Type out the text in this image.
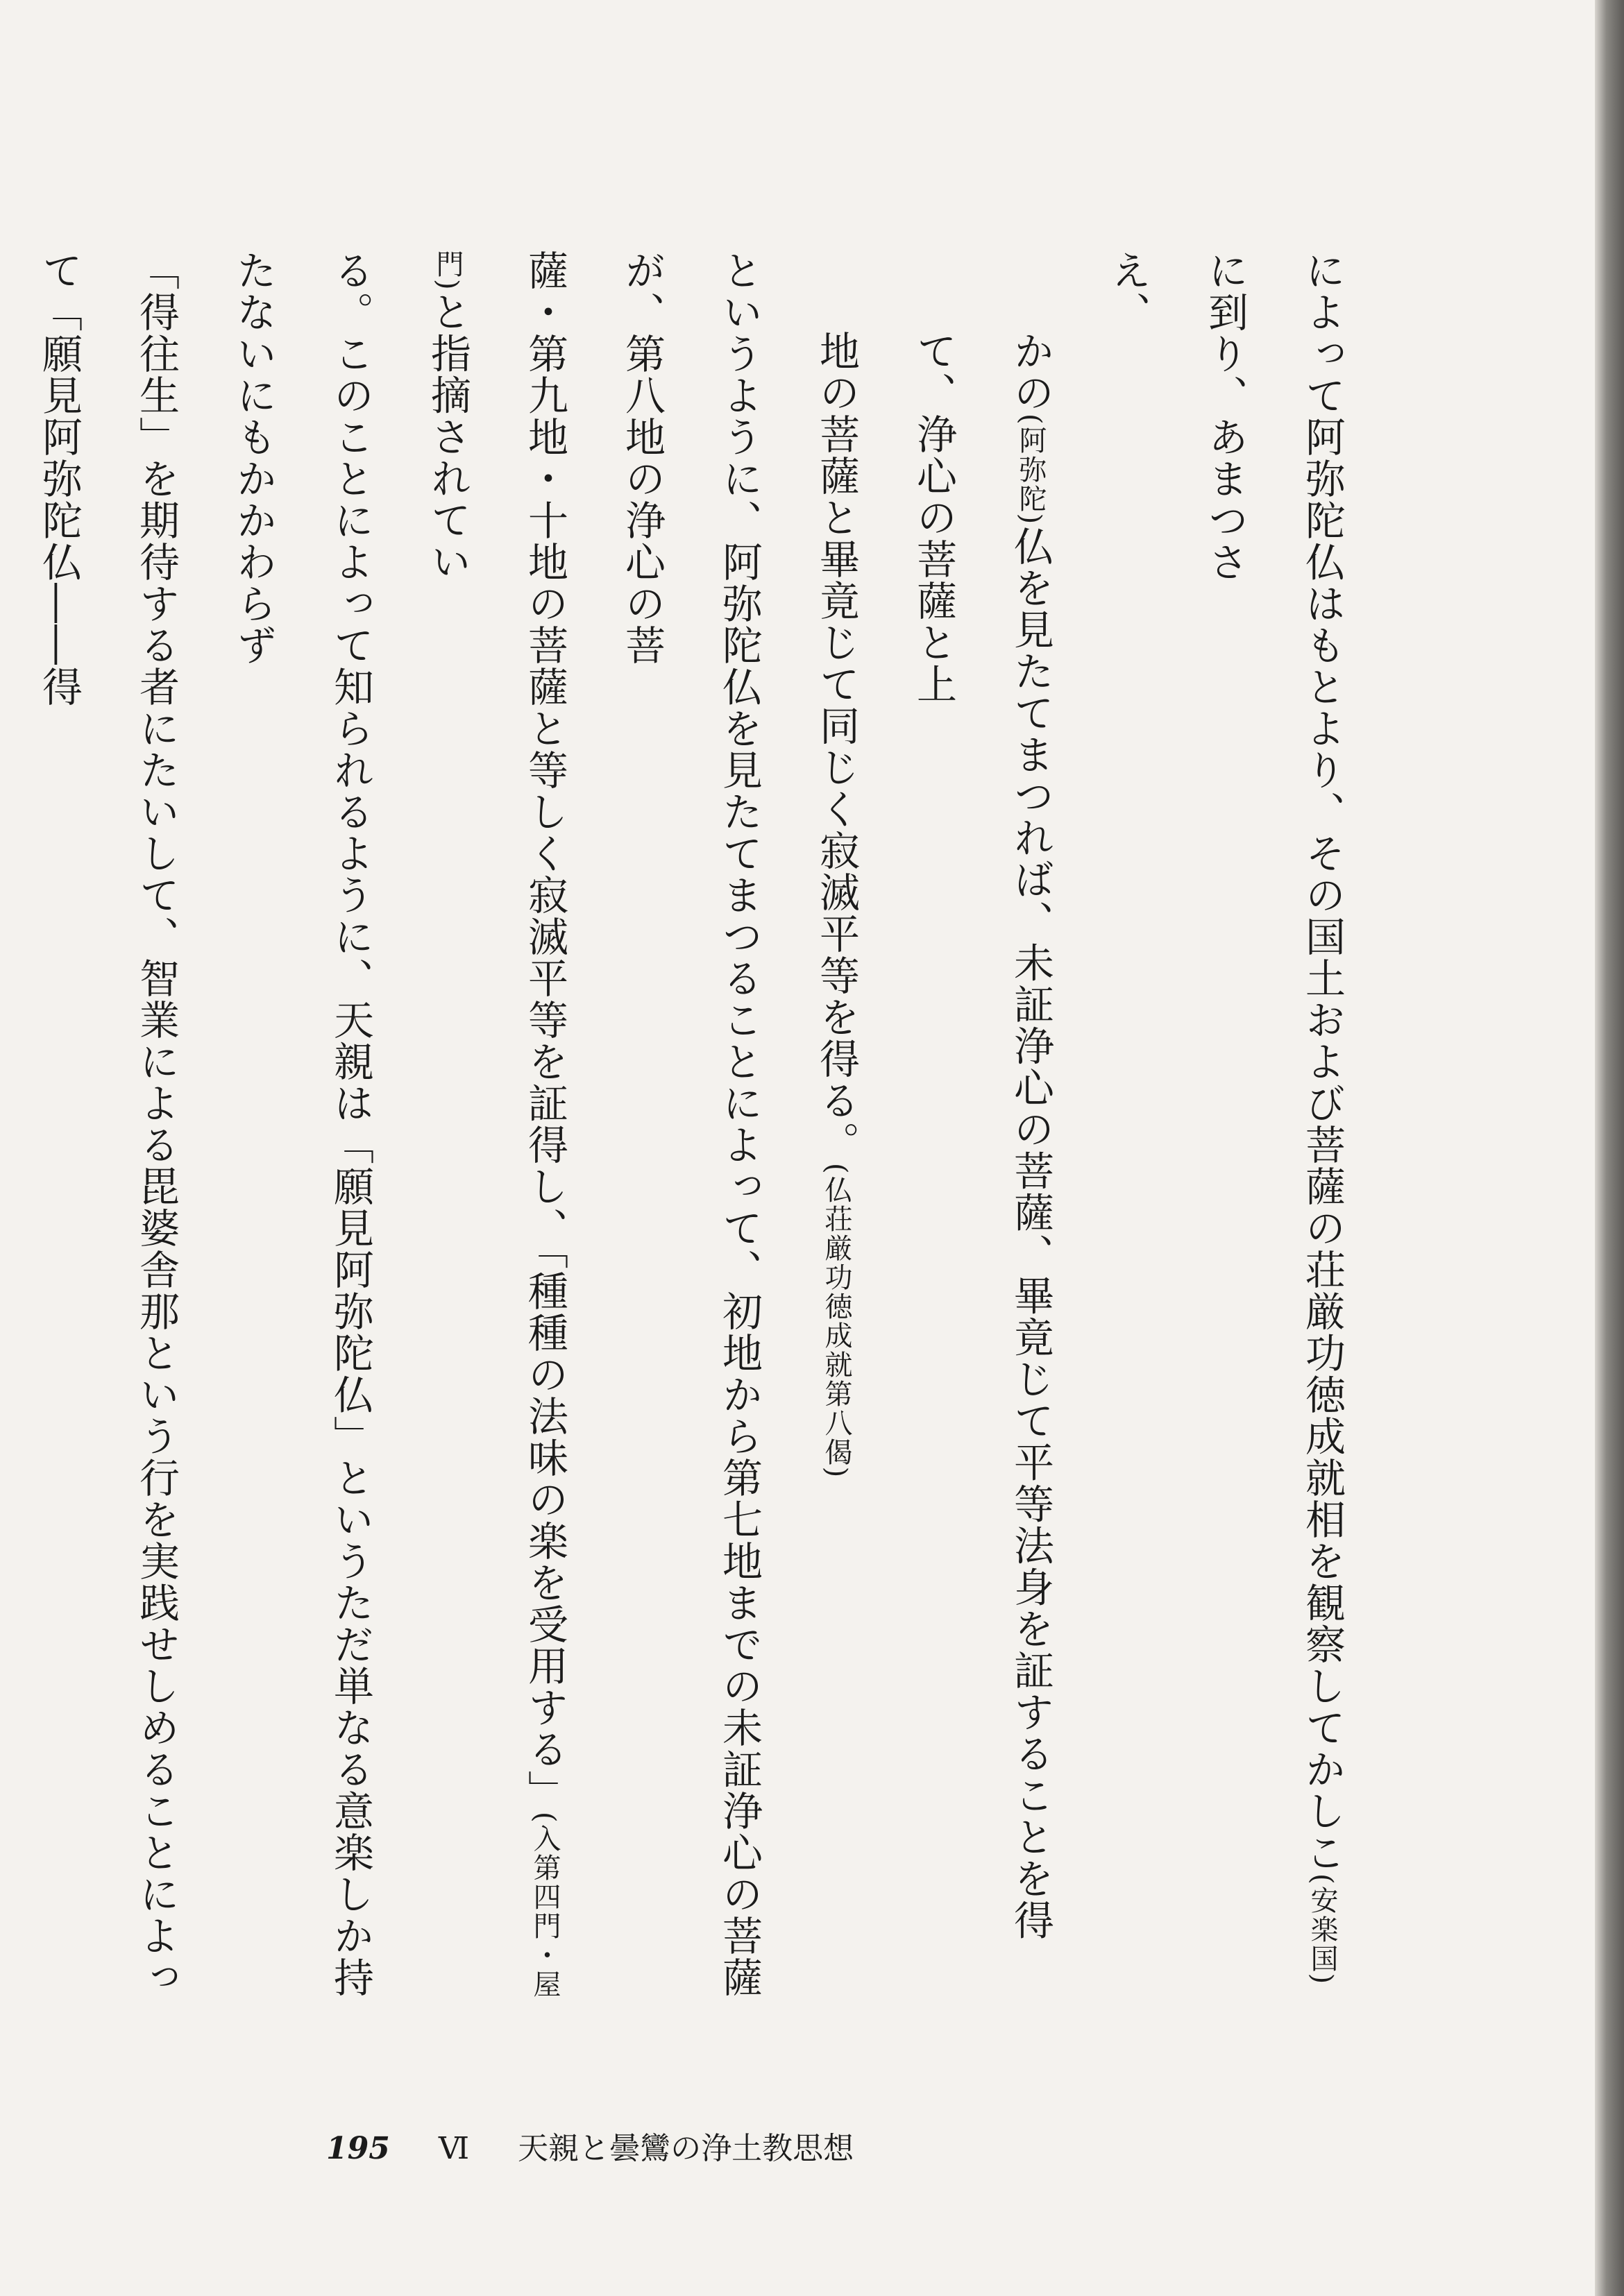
によって阿弥陀仏はもとより、その国土および菩薩の荘厳功徳成就相を観察してかしこ(安楽国)に到り、あまつさ
え、
かの(阿弥陀)仏を見たてまつれば、未証浄心の菩薩、畢竟じて平等法身を証することを得て、浄心の菩薩と上
地の菩薩と畢竟じて同じく寂滅平等を得る。(仏荘厳功徳成就第八偈)
というように、阿弥陀仏を見たてまつることによって、初地から第七地までの未証浄心の菩薩が、第八地の浄心の菩
薩・第九地・十地の菩薩と等しく寂滅平等を証得し、「種種の法味の楽を受用する」(入第四門・屋門)と指摘されてい
る。このことによって知られるように、天親は「願見阿弥陀仏」というただ単なる意楽しか持たないにもかかわらず
「得往生」を期待する者にたいして、智業による毘婆舎那という行を実践せしめることによって「願見阿弥陀仏――得
195 Ⅵ 天親と曇鸞の浄土教思想
